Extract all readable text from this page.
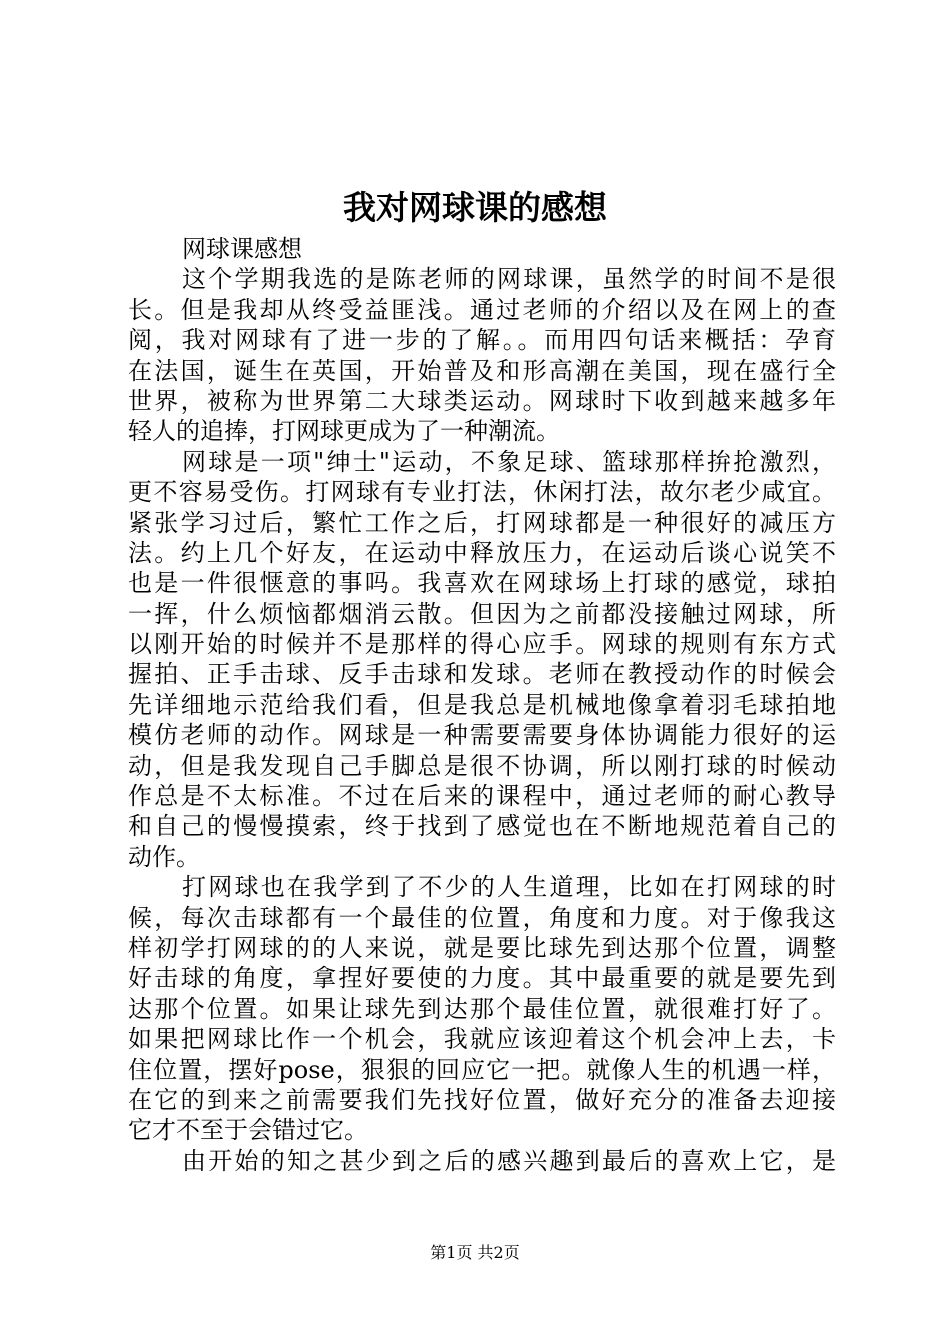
我对网球课的感想
网球课感想
这个学期我选的是陈老师的网球课，虽然学的时间不是很
长。但是我却从终受益匪浅。通过老师的介绍以及在网上的查
阅，我对网球有了进一步的了解。。而用四句话来概括：孕育
在法国，诞生在英国，开始普及和形高潮在美国，现在盛行全
世界，被称为世界第二大球类运动。网球时下收到越来越多年
轻人的追捧，打网球更成为了一种潮流。
网球是一项"绅士"运动，不象足球、篮球那样拚抢激烈，
更不容易受伤。打网球有专业打法，休闲打法，故尔老少咸宜。
紧张学习过后，繁忙工作之后，打网球都是一种很好的减压方
法。约上几个好友，在运动中释放压力，在运动后谈心说笑不
也是一件很惬意的事吗。我喜欢在网球场上打球的感觉，球拍
一挥，什么烦恼都烟消云散。但因为之前都没接触过网球，所
以刚开始的时候并不是那样的得心应手。网球的规则有东方式
握拍、正手击球、反手击球和发球。老师在教授动作的时候会
先详细地示范给我们看，但是我总是机械地像拿着羽毛球拍地
模仿老师的动作。网球是一种需要需要身体协调能力很好的运
动，但是我发现自己手脚总是很不协调，所以刚打球的时候动
作总是不太标准。不过在后来的课程中，通过老师的耐心教导
和自己的慢慢摸索，终于找到了感觉也在不断地规范着自己的
动作。
打网球也在我学到了不少的人生道理，比如在打网球的时
候，每次击球都有一个最佳的位置，角度和力度。对于像我这
样初学打网球的的人来说，就是要比球先到达那个位置，调整
好击球的角度，拿捏好要使的力度。其中最重要的就是要先到
达那个位置。如果让球先到达那个最佳位置，就很难打好了。
如果把网球比作一个机会，我就应该迎着这个机会冲上去，卡
住位置，摆好pose，狠狠的回应它一把。就像人生的机遇一样，
在它的到来之前需要我们先找好位置，做好充分的准备去迎接
它才不至于会错过它。
由开始的知之甚少到之后的感兴趣到最后的喜欢上它，是
第1页 共2页
